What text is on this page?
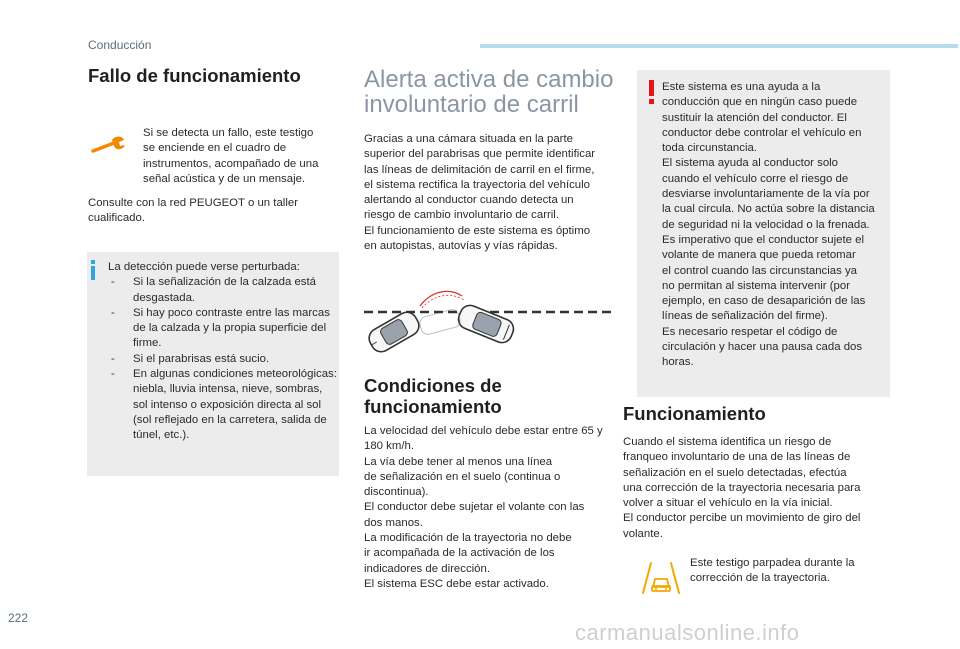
Conducción
Fallo de funcionamiento

Si se detecta un fallo, este testigo
se enciende en el cuadro de
instrumentos, acompañado de una
señal acústica y de un mensaje.

Consulte con la red PEUGEOT o un taller
cualificado.

La detección puede verse perturbada:

- Si la señalización de la calzada está desgastada.
- Si hay poco contraste entre las marcas de la calzada y la propia superficie del firme.
- Si el parabrisas está sucio.
- En algunas condiciones meteorológicas: niebla, lluvia intensa, nieve, sombras, sol intenso o exposición directa al sol (sol reflejado en la carretera, salida de túnel, etc.).
Alerta activa de cambio
involuntario de carril

Gracias a una cámara situada en la parte
superior del parabrisas que permite identificar
las líneas de delimitación de carril en el firme,
el sistema rectifica la trayectoria del vehículo
alertando al conductor cuando detecta un
riesgo de cambio involuntario de carril.
El funcionamiento de este sistema es óptimo
en autopistas, autovías y vías rápidas.

Condiciones de
funcionamiento

La velocidad del vehículo debe estar entre 65 y
180 km/h.
La vía debe tener al menos una línea
de señalización en el suelo (continua o
discontinua).
El conductor debe sujetar el volante con las
dos manos.
La modificación de la trayectoria no debe
ir acompañada de la activación de los
indicadores de dirección.
El sistema ESC debe estar activado.

Este sistema es una ayuda a la
conducción que en ningún caso puede
sustituir la atención del conductor. El
conductor debe controlar el vehículo en
toda circunstancia.
El sistema ayuda al conductor solo
cuando el vehículo corre el riesgo de
desviarse involuntariamente de la vía por
la cual circula. No actúa sobre la distancia
de seguridad ni la velocidad o la frenada.
Es imperativo que el conductor sujete el
volante de manera que pueda retomar
el control cuando las circunstancias ya
no permitan al sistema intervenir (por
ejemplo, en caso de desaparición de las
líneas de señalización del firme).
Es necesario respetar el código de
circulación y hacer una pausa cada dos
horas.

Funcionamiento

Cuando el sistema identifica un riesgo de
franqueo involuntario de una de las líneas de
señalización en el suelo detectadas, efectúa
una corrección de la trayectoria necesaria para
volver a situar el vehículo en la vía inicial.
El conductor percibe un movimiento de giro del
volante.

Este testigo parpadea durante la
corrección de la trayectoria.

222
carmanualsonline.info
